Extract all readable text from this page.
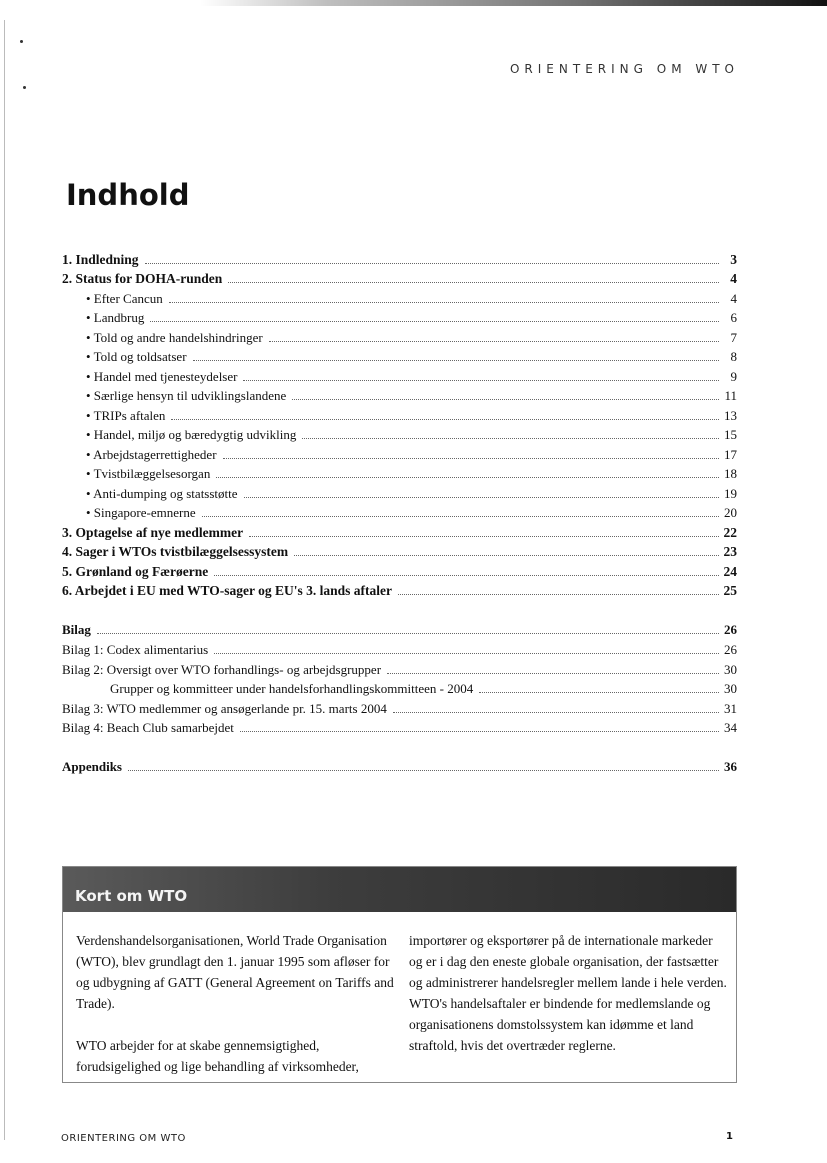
ORIENTERING OM WTO
Indhold
1. Indledning	3
2. Status for DOHA-runden	4
• Efter Cancun	4
• Landbrug	6
• Told og andre handelshindringer	7
• Told og toldsatser	8
• Handel med tjenesteydelser	9
• Særlige hensyn til udviklingslandene	11
• TRIPs aftalen	13
• Handel, miljø og bæredygtig udvikling	15
• Arbejdstagerrettigheder	17
• Tvistbilæggelsesorgan	18
• Anti-dumping og statsstøtte	19
• Singapore-emnerne	20
3. Optagelse af nye medlemmer	22
4. Sager i WTOs tvistbilæggelsessystem	23
5. Grønland og Færøerne	24
6. Arbejdet i EU med WTO-sager og EU's 3. lands aftaler	25
Bilag	26
Bilag 1: Codex alimentarius	26
Bilag 2: Oversigt over WTO forhandlings- og arbejdsgrupper	30
Grupper og kommitteer under handelsforhandlingskommitteen - 2004	30
Bilag 3: WTO medlemmer og ansøgerlande pr. 15. marts 2004	31
Bilag 4: Beach Club samarbejdet	34
Appendiks	36
Kort om WTO

Verdenshandelsorganisationen, World Trade Organisation (WTO), blev grundlagt den 1. januar 1995 som afløser for og udbygning af GATT (General Agreement on Tariffs and Trade).

WTO arbejder for at skabe gennemsigtighed, forudsigelighed og lige behandling af virksomheder,

importører og eksportører på de internationale markeder og er i dag den eneste globale organisation, der fastsætter og administrerer handelsregler mellem lande i hele verden. WTO's handelsaftaler er bindende for medlemslande og organisationens domstolssystem kan idømme et land straftold, hvis det overtræder reglerne.

ORIENTERING OM WTO	1
